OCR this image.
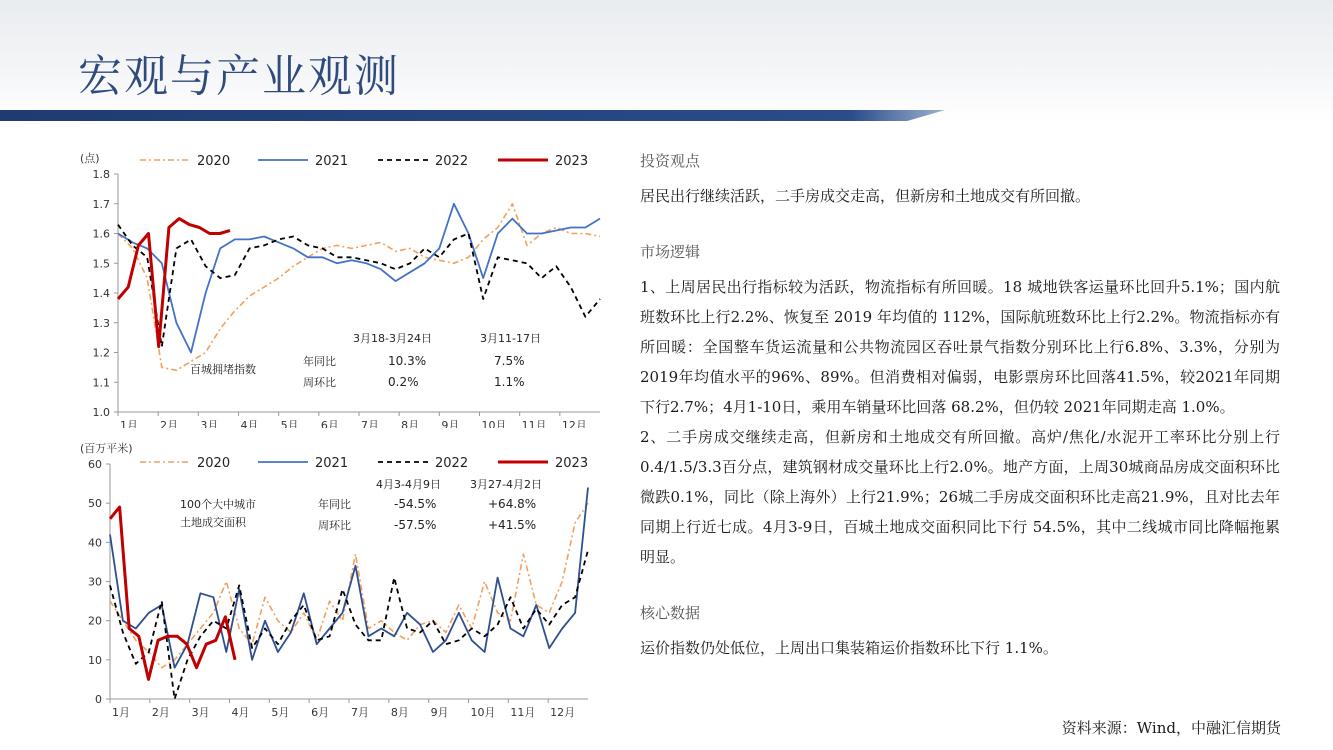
宏观与产业观测
(点)
1.8
1.7
1.6
1.5
1.4
1.3
1.2
1.1
1.0
1月 2月 3月 4月 5月 6月 7月 8月 9月 10月 11月 12月
2020	2021	2022	2023
3月18-3月24日	3月11-17日
百城拥堵指数
年同比	10.3%	7.5%
周环比	0.2%	1.1%

(百万平米)
60
50
40
30
20
10
0
1月 2月 3月 4月 5月 6月 7月 8月 9月 10月 11月 12月
2020	2021	2022	2023
4月3-4月9日	3月27-4月2日
100个大中城市
土地成交面积
年同比	-54.5%	+64.8%
周环比	-57.5%	+41.5%

投资观点

居民出行继续活跃，二手房成交走高，但新房和土地成交有所回撤。

市场逻辑

1、上周居民出行指标较为活跃，物流指标有所回暖。18 城地铁客运量环比回升5.1%；国内航班数环比上行2.2%、恢复至 2019 年均值的 112%，国际航班数环比上行2.2%。物流指标亦有所回暖：全国整车货运流量和公共物流园区吞吐景气指数分别环比上行6.8%、3.3%，分别为2019年均值水平的96%、89%。但消费相对偏弱，电影票房环比回落41.5%，较2021年同期下行2.7%；4月1-10日，乘用车销量环比回落 68.2%，但仍较 2021年同期走高 1.0%。

2、二手房成交继续走高，但新房和土地成交有所回撤。高炉/焦化/水泥开工率环比分别上行0.4/1.5/3.3百分点，建筑钢材成交量环比上行2.0%。地产方面，上周30城商品房成交面积环比微跌0.1%，同比（除上海外）上行21.9%；26城二手房成交面积环比走高21.9%，且对比去年同期上行近七成。4月3-9日，百城土地成交面积同比下行 54.5%，其中二线城市同比降幅拖累明显。

核心数据

运价指数仍处低位，上周出口集装箱运价指数环比下行 1.1%。

资料来源：Wind，中融汇信期货
